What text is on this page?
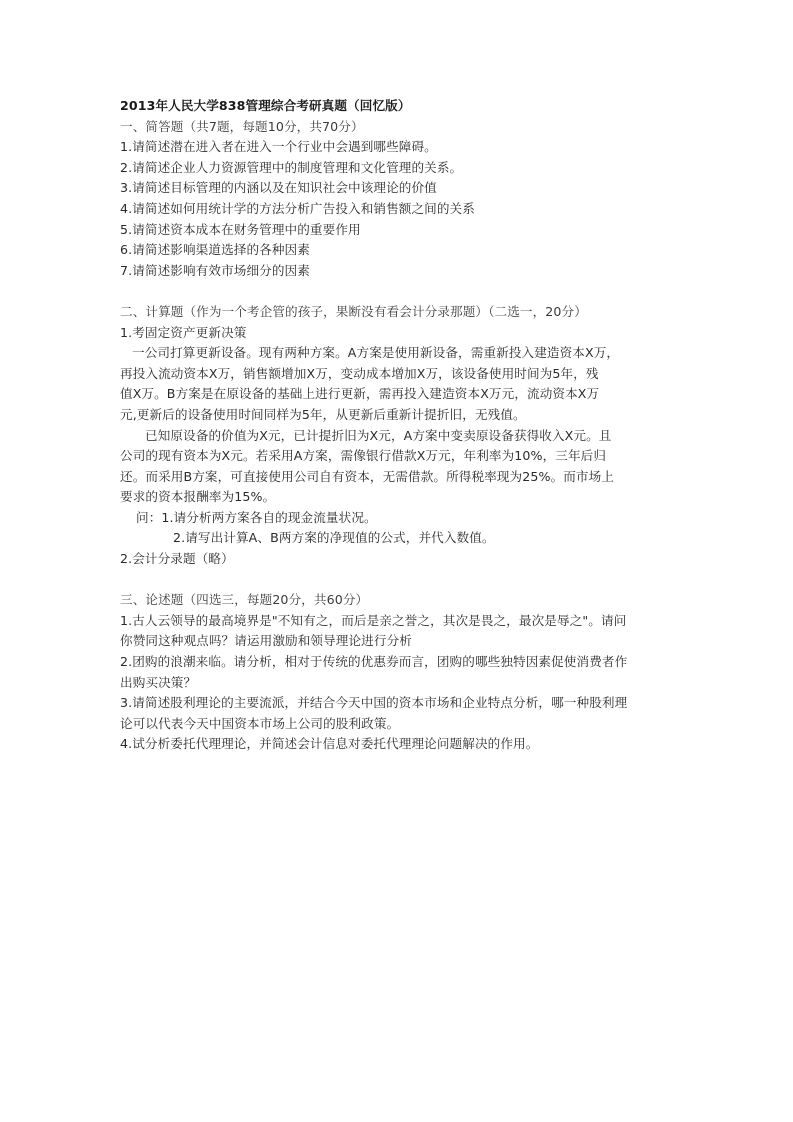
2013年人民大学838管理综合考研真题（回忆版）
一、简答题（共7题，每题10分，共70分）
1.请简述潜在进入者在进入一个行业中会遇到哪些障碍。
2.请简述企业人力资源管理中的制度管理和文化管理的关系。
3.请简述目标管理的内涵以及在知识社会中该理论的价值
4.请简述如何用统计学的方法分析广告投入和销售额之间的关系
5.请简述资本成本在财务管理中的重要作用
6.请简述影响渠道选择的各种因素
7.请简述影响有效市场细分的因素
二、计算题（作为一个考企管的孩子，果断没有看会计分录那题）（二选一，20分）
1.考固定资产更新决策
一公司打算更新设备。现有两种方案。A方案是使用新设备，需重新投入建造资本X万，
再投入流动资本X万，销售额增加X万，变动成本增加X万，该设备使用时间为5年，残
值X万。B方案是在原设备的基础上进行更新，需再投入建造资本X万元，流动资本X万
元,更新后的设备使用时间同样为5年，从更新后重新计提折旧，无残值。
已知原设备的价值为X元，已计提折旧为X元，A方案中变卖原设备获得收入X元。且
公司的现有资本为X元。若采用A方案，需像银行借款X万元，年利率为10%，三年后归
还。而采用B方案，可直接使用公司自有资本，无需借款。所得税率现为25%。而市场上
要求的资本报酬率为15%。
问：1.请分析两方案各自的现金流量状况。
2.请写出计算A、B两方案的净现值的公式，并代入数值。
2.会计分录题（略）
三、论述题（四选三，每题20分，共60分）
1.古人云领导的最高境界是"不知有之，而后是亲之誉之，其次是畏之，最次是辱之"。请问
你赞同这种观点吗？请运用激励和领导理论进行分析
2.团购的浪潮来临。请分析，相对于传统的优惠券而言，团购的哪些独特因素促使消费者作
出购买决策？
3.请简述股利理论的主要流派，并结合今天中国的资本市场和企业特点分析，哪一种股利理
论可以代表今天中国资本市场上公司的股利政策。
4.试分析委托代理理论，并简述会计信息对委托代理理论问题解决的作用。
